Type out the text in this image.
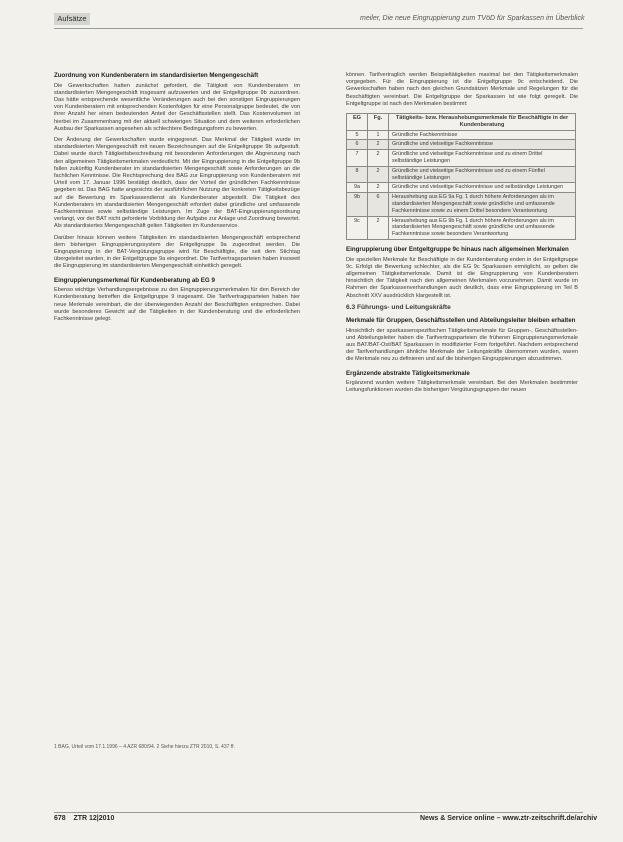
Aufsätze	meiler, Die neue Eingruppierung zum TVöD für Sparkassen im Überblick
Zuordnung von Kundenberatern im standardisierten Mengengeschäft

Die Gewerkschaften hatten zunächst gefordert, die Tätigkeit von Kundenberatern im standardisierten Mengengeschäft insgesamt aufzuwerten und der Entgeltgruppe 9b zuzuordnen. Das hätte entsprechende wesentliche Veränderungen auch bei den sonstigen Eingruppierungen von Kundenberatern mit entsprechenden Kostenfolgen für eine Personalgruppe bedeutet, die von ihrer Anzahl her einen bedeutenden Anteil der Geschäftsstellen stellt. Das Kostenvolumen ist hierbei im Zusammenhang mit der aktuell schwierigen Situation und dem weiteren erforderlichen Ausbau der Sparkassen angesehen als schlechtere Bedingungsform zu bewerten.

Der Änderung der Gewerkschaften wurde eingegrenzt. Das Merkmal der Tätigkeit wurde im standardisierten Mengengeschäft mit neuen Bezeichnungen auf die Entgeltgruppe 9b aufgestuft. Dabei wurde durch Tätigkeitsbeschreibung mit besonderen Anforderungen die Abgrenzung nach den allgemeinen Tätigkeitsmerkmalen verdeutlicht. Mit der Eingruppierung in die Entgeltgruppe 9b fallen zukünftig Kundenberater im standardisierten Mengengeschäft sowie Anforderungen an die fachlichen Kenntnisse. Die Rechtsprechung des BAG zur Eingruppierung von Kundenberatern mit Urteil vom 17. Januar 1996 bestätigt deutlich, dass der Vorteil der gründlichen Fachkenntnisse gegeben ist. Das BAG hatte angesichts der ausführlichen Nutzung der konkreten Tätigkeitsbezüge auf die Bewertung im Sparkassendienst als Kundenberater abgestellt. Die Tätigkeit des Kundenberaters im standardisierten Mengengeschäft erfordert dabei gründliche und umfassende Fachkenntnisse sowie selbständige Leistungen. Im Zuge der BAT-Eingruppierungsordnung verlangt, vor der BAT nicht geforderte Vorbildung der Aufgabe zur Anlage und Zuordnung bewertet. Als standardisiertes Mengengeschäft gelten Tätigkeiten im Kundenservice.

Darüber hinaus können weitere Tätigkeiten im standardisierten Mengengeschäft entsprechend dem bisherigen Eingruppierungssystem der Entgeltgruppe 9a zugeordnet werden. Die Eingruppierung in der BAT-Vergütungsgruppe wird für Beschäftigte, die seit dem Stichtag übergeleitet wurden, in der Entgeltgruppe 9a eingeordnet. Die Tarifvertragsparteien haben insoweit die Eingruppierung im standardisierten Mengengeschäft einheitlich geregelt.

Eingruppierungsmerkmal für Kundenberatung ab EG 9

Ebenso wichtige Verhandlungsergebnisse zu den Eingruppierungsmerkmalen für den Bereich der Kundenberatung betreffen die Entgeltgruppe 9 insgesamt. Die Tarifvertragsparteien haben hier neue Merkmale vereinbart, die der überwiegenden Anzahl der Beschäftigten entsprechen. Dabei wurde besonderes Gewicht auf die Tätigkeiten in der Kundenberatung und die erforderlichen Fachkenntnisse gelegt.

1 BAG, Urteil vom 17.1.1996 – 4 AZR 680/94. 2 Siehe hierzu ZTR 2010, S. 437 ff.

können. Tarifvertraglich werden Beispieltätigkeiten maximal bei den Tätigkeitsmerkmalen vorgegeben. Für die Eingruppierung ist die Entgeltgruppe 9c entscheidend. Die Gewerkschaften haben nach den gleichen Grundsätzen Merkmale und Regelungen für die Beschäftigten vereinbart. Die Entgeltgruppe der Sparkassen ist wie folgt geregelt. Die Entgeltgruppe ist nach den Merkmalen bestimmt:

EG	Fg.	Tätigkeits- bzw. Heraushebungsmerkmale für Beschäftigte in der Kundenberatung
5	1	Gründliche Fachkenntnisse
6	2	Gründliche und vielseitige Fachkenntnisse
7	2	Gründliche und vielseitige Fachkenntnisse und zu einem Drittel selbständige Leistungen
8	2	Gründliche und vielseitige Fachkenntnisse und zu einem Fünftel selbständige Leistungen
9a	2	Gründliche und vielseitige Fachkenntnisse und selbständige Leistungen
9b	6	Heraushebung aus EG 9a Fg. 1 durch höhere Anforderungen als im standardisierten Mengengeschäft sowie gründliche und umfassende Fachkenntnisse sowie zu einem Drittel besondere Verantwortung
9c	2	Heraushebung aus EG 9b Fg. 1 durch höhere Anforderungen als im standardisierten Mengengeschäft sowie gründliche und umfassende Fachkenntnisse sowie besondere Verantwortung
Eingruppierung über Entgeltgruppe 9c hinaus nach allgemeinen Merkmalen

Die speziellen Merkmale für Beschäftigte in der Kundenberatung enden in der Entgeltgruppe 9c. Erfolgt die Bewertung schlechter, als die EG 9c Sparkassen ermöglicht, so gelten die allgemeinen Tätigkeitsmerkmale. Damit ist die Eingruppierung von Kundenberatern hinsichtlich der Tätigkeit nach den allgemeinen Merkmalen vorzunehmen. Damit wurde im Rahmen der Sparkassenverhandlungen auch deutlich, dass eine Eingruppierung im Teil B Abschnitt XXV ausdrücklich klargestellt ist.

6.3 Führungs- und Leitungskräfte
Merkmale für Gruppen, Geschäftsstellen und Abteilungsleiter bleiben erhalten

Hinsichtlich der sparkassenspezifischen Tätigkeitsmerkmale für Gruppen-, Geschäftsstellen- und Abteilungsleiter haben die Tarifvertragsparteien die früheren Eingruppierungsmerkmale aus BAT/BAT-Ost/BAT Sparkassen in modifizierter Form fortgeführt. Nachdem entsprechend der Tarifverhandlungen ähnliche Merkmale der Leitungskräfte übernommen wurden, waren die Merkmale neu zu definieren und auf die bisherigen Eingruppierungen abzustimmen.

Ergänzende abstrakte Tätigkeitsmerkmale

Ergänzend wurden weitere Tätigkeitsmerkmale vereinbart. Bei den Merkmalen bestimmter Leitungsfunktionen wurden die bisherigen Vergütungsgruppen der neuen

678 ZTR 12|2010	News & Service online – www.ztr-zeitschrift.de/archiv
